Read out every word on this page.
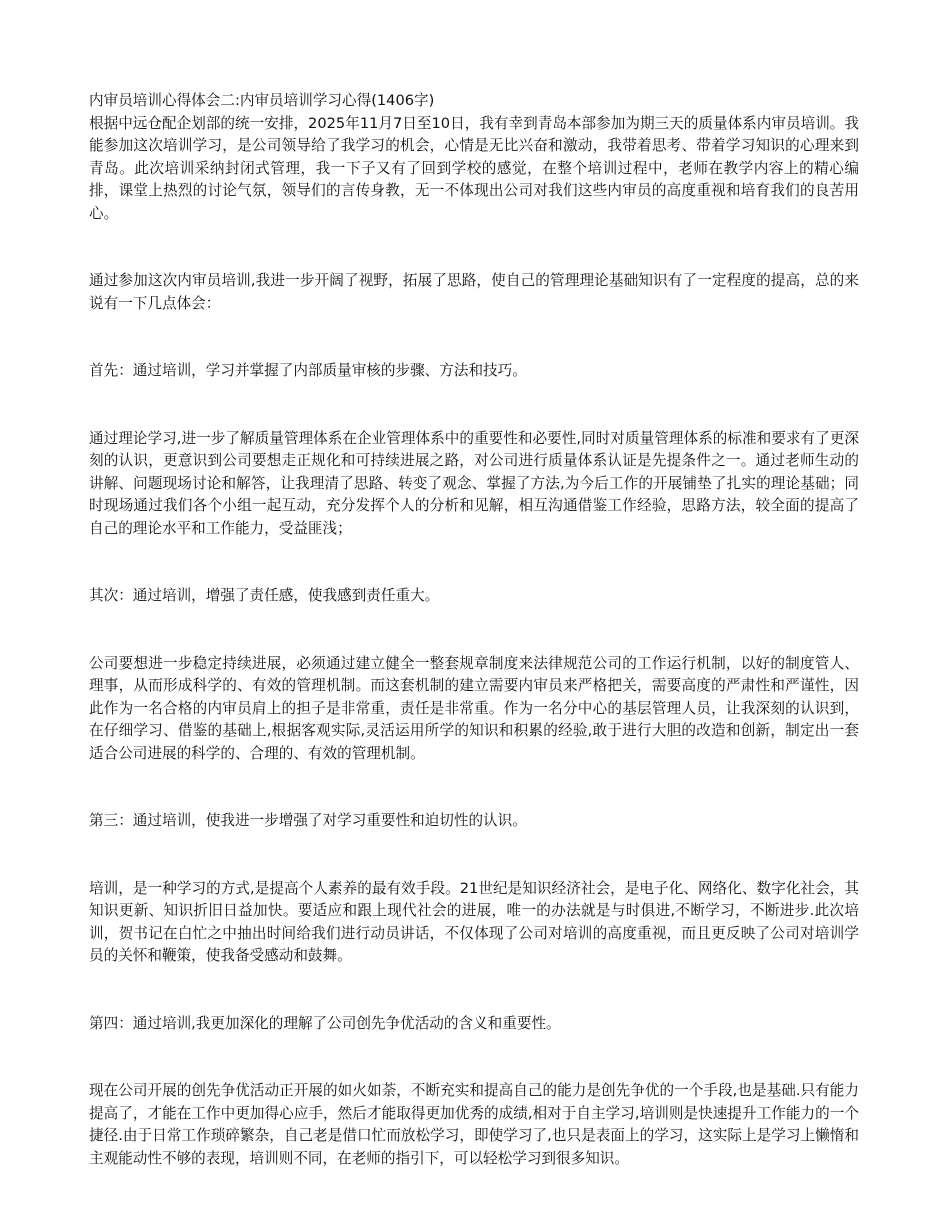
内审员培训心得体会二:内审员培训学习心得(1406字)

根据中远仓配企划部的统一安排，2025年11月7日至10日，我有幸到青岛本部参加为期三天的质量体系内审员培训。我能参加这次培训学习，是公司领导给了我学习的机会，心情是无比兴奋和激动，我带着思考、带着学习知识的心理来到青岛。此次培训采纳封闭式管理，我一下子又有了回到学校的感觉，在整个培训过程中，老师在教学内容上的精心编排，课堂上热烈的讨论气氛，领导们的言传身教，无一不体现出公司对我们这些内审员的高度重视和培育我们的良苦用心。

通过参加这次内审员培训,我进一步开阔了视野，拓展了思路，使自己的管理理论基础知识有了一定程度的提高，总的来说有一下几点体会：

首先：通过培训，学习并掌握了内部质量审核的步骤、方法和技巧。

通过理论学习,进一步了解质量管理体系在企业管理体系中的重要性和必要性,同时对质量管理体系的标准和要求有了更深刻的认识，更意识到公司要想走正规化和可持续进展之路，对公司进行质量体系认证是先提条件之一。通过老师生动的讲解、问题现场讨论和解答，让我理清了思路、转变了观念、掌握了方法,为今后工作的开展铺垫了扎实的理论基础；同时现场通过我们各个小组一起互动，充分发挥个人的分析和见解，相互沟通借鉴工作经验，思路方法，较全面的提高了自己的理论水平和工作能力，受益匪浅；

其次：通过培训，增强了责任感，使我感到责任重大。

公司要想进一步稳定持续进展，必须通过建立健全一整套规章制度来法律规范公司的工作运行机制，以好的制度管人、理事，从而形成科学的、有效的管理机制。而这套机制的建立需要内审员来严格把关，需要高度的严肃性和严谨性，因此作为一名合格的内审员肩上的担子是非常重，责任是非常重。作为一名分中心的基层管理人员，让我深刻的认识到，在仔细学习、借鉴的基础上,根据客观实际,灵活运用所学的知识和积累的经验,敢于进行大胆的改造和创新，制定出一套适合公司进展的科学的、合理的、有效的管理机制。

第三：通过培训，使我进一步增强了对学习重要性和迫切性的认识。

培训，是一种学习的方式,是提高个人素养的最有效手段。21世纪是知识经济社会，是电子化、网络化、数字化社会，其知识更新、知识折旧日益加快。要适应和跟上现代社会的进展，唯一的办法就是与时俱进,不断学习，不断进步.此次培训，贺书记在白忙之中抽出时间给我们进行动员讲话，不仅体现了公司对培训的高度重视，而且更反映了公司对培训学员的关怀和鞭策，使我备受感动和鼓舞。

第四：通过培训,我更加深化的理解了公司创先争优活动的含义和重要性。

现在公司开展的创先争优活动正开展的如火如荼，不断充实和提高自己的能力是创先争优的一个手段,也是基础.只有能力提高了，才能在工作中更加得心应手，然后才能取得更加优秀的成绩,相对于自主学习,培训则是快速提升工作能力的一个捷径.由于日常工作琐碎繁杂，自己老是借口忙而放松学习，即使学习了,也只是表面上的学习，这实际上是学习上懒惰和主观能动性不够的表现，培训则不同，在老师的指引下，可以轻松学习到很多知识。
